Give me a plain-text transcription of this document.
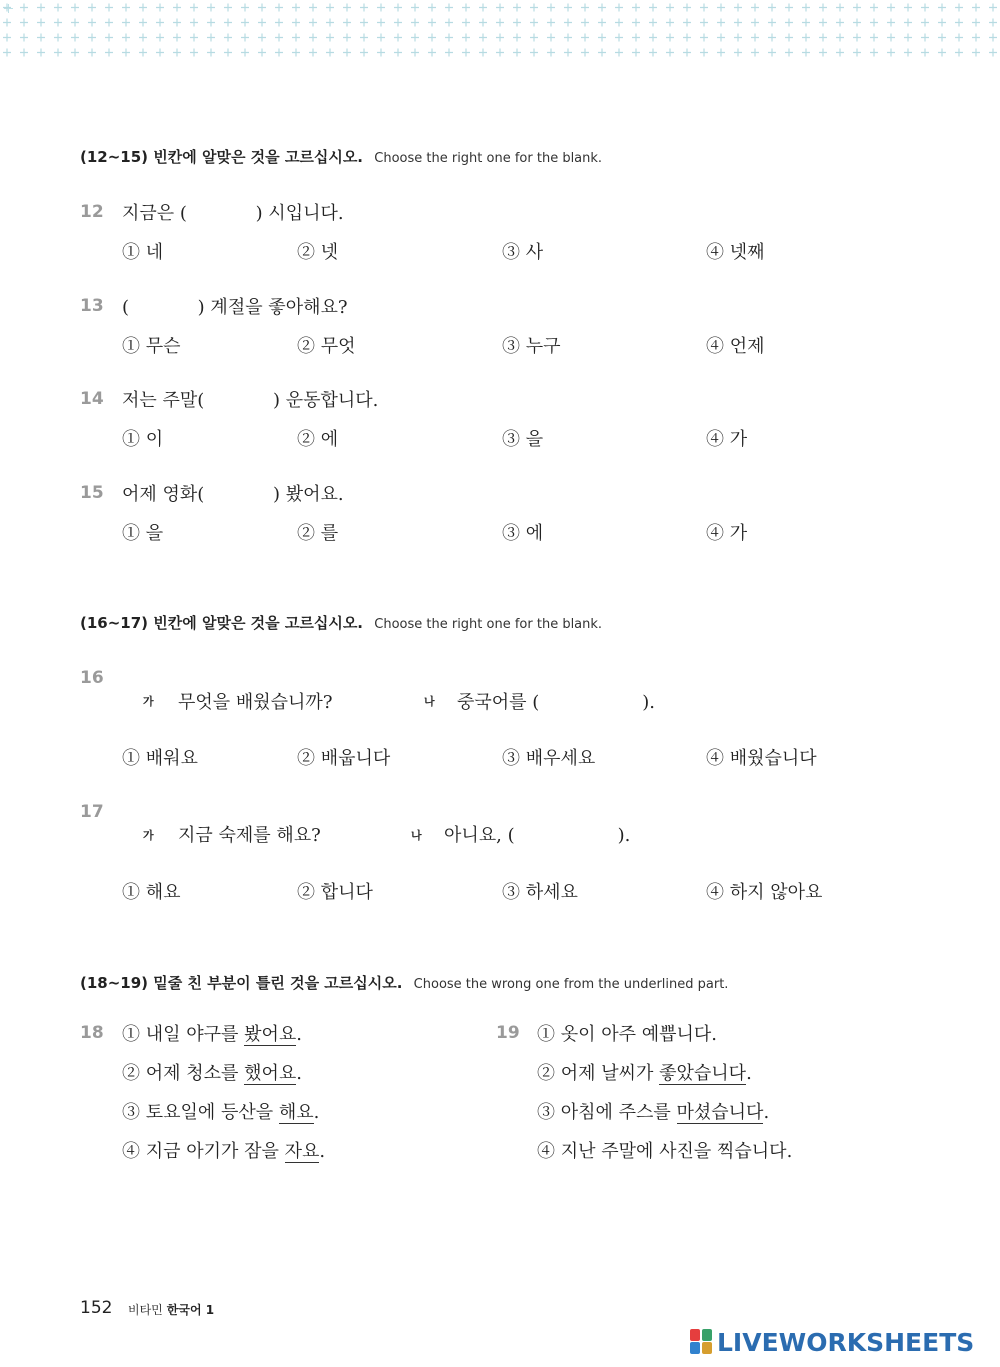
(12~15) 빈칸에 알맞은 것을 고르십시오. Choose the right one for the blank.
12 지금은 (            ) 시입니다.
① 네	② 넷	③ 사	④ 넷째
13 (            ) 계절을 좋아해요?
① 무슨	② 무엇	③ 누구	④ 언제
14 저는 주말(            ) 운동합니다.
① 이	② 에	③ 을	④ 가
15 어제 영화(            ) 봤어요.
① 을	② 를	③ 에	④ 가
(16~17) 빈칸에 알맞은 것을 고르십시오. Choose the right one for the blank.
16
가 무엇을 배웠습니까?	나 중국어를 (                  ).
① 배워요	② 배웁니다	③ 배우세요	④ 배웠습니다
17
가 지금 숙제를 해요?	나 아니요, (                  ).
① 해요	② 합니다	③ 하세요	④ 하지 않아요
(18~19) 밑줄 친 부분이 틀린 것을 고르십시오. Choose the wrong one from the underlined part.
18 ① 내일 야구를 봤어요.
② 어제 청소를 했어요.
③ 토요일에 등산을 해요.
④ 지금 아기가 잠을 자요.
19 ① 옷이 아주 예쁩니다.
② 어제 날씨가 좋았습니다.
③ 아침에 주스를 마셨습니다.
④ 지난 주말에 사진을 찍습니다.
152 비타민 한국어 1
LIVEWORKSHEETS
